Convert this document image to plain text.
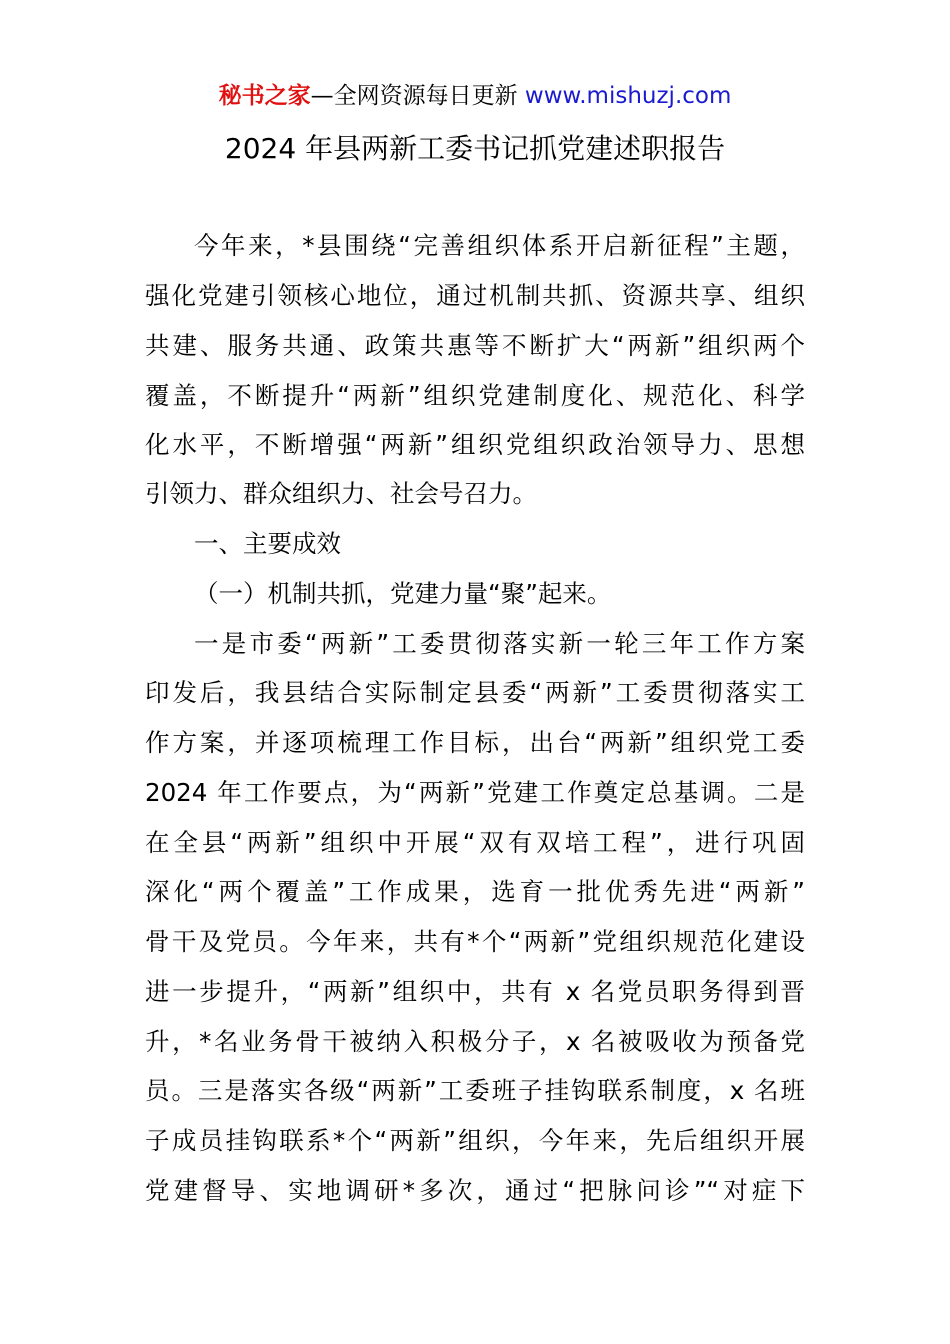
秘书之家—全网资源每日更新 www.mishuzj.com
2024 年县两新工委书记抓党建述职报告
今年来，*县围绕“完善组织体系开启新征程”主题，
强化党建引领核心地位，通过机制共抓、资源共享、组织
共建、服务共通、政策共惠等不断扩大“两新”组织两个
覆盖，不断提升“两新”组织党建制度化、规范化、科学
化水平，不断增强“两新”组织党组织政治领导力、思想
引领力、群众组织力、社会号召力。
一、主要成效
（一）机制共抓，党建力量“聚”起来。
一是市委“两新”工委贯彻落实新一轮三年工作方案
印发后，我县结合实际制定县委“两新”工委贯彻落实工
作方案，并逐项梳理工作目标，出台“两新”组织党工委
2024 年工作要点，为“两新”党建工作奠定总基调。二是
在全县“两新”组织中开展“双有双培工程”，进行巩固
深化“两个覆盖”工作成果，选育一批优秀先进“两新”
骨干及党员。今年来，共有*个“两新”党组织规范化建设
进一步提升，“两新”组织中，共有 x 名党员职务得到晋
升，*名业务骨干被纳入积极分子，x 名被吸收为预备党
员。三是落实各级“两新”工委班子挂钩联系制度，x 名班
子成员挂钩联系*个“两新”组织，今年来，先后组织开展
党建督导、实地调研*多次，通过“把脉问诊”“对症下
